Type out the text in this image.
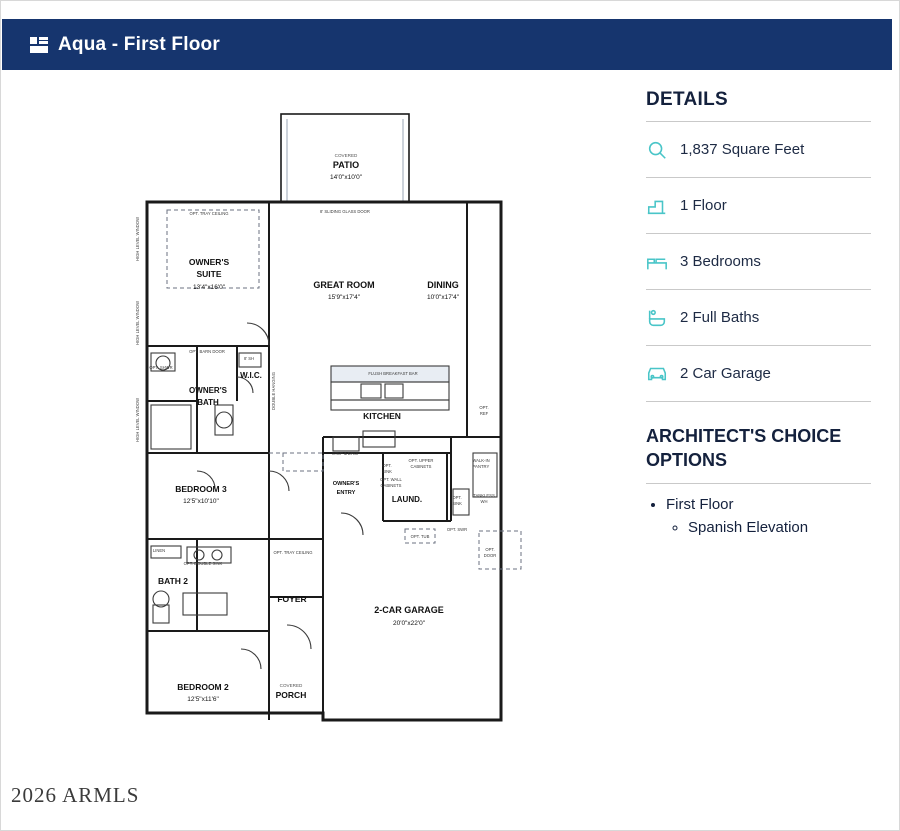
Aqua - First Floor
COVERED
PATIO
14'0"x10'0"
OWNER'S
SUITE
13'4"x16'0"	GREAT ROOM
15'9"x17'4"
DINING
10'0"x17'4"
W.I.C.
OWNER'S
BATH
KITCHEN
BEDROOM 3
12'5"x10'10"
OWNER'S
ENTRY
LAUND.
BATH 2
FOYER
2-CAR GARAGE
20'0"x22'0"
BEDROOM 2
12'5"x11'6"
COVERED
PORCH
OPT. TRAY CEILING	8' SLIDING GLASS DOOR
OPT. BARN DOOR
OPT. SHWR
8' SH
FLUSH BREAKFAST BAR
OPT.
REF
STEP & DROP
OPT.
SINK
OPT. UPPER
CABINETS
OPT. WALL
CABINETS
WALK-IN
PANTRY
TANKLESS
WH
OPT.
SINK
OPT. TUB
OPT. SWR
OPT.
DOOR
OPT. TRAY CEILING
LINEN
OPT. DOUBLE SINK
DOUBLE HANGING
HIGH LEVEL WINDOW
HIGH LEVEL WINDOW
HIGH LEVEL WINDOW
DETAILS
1,837 Square Feet
1 Floor
3 Bedrooms
2 Full Baths
2 Car Garage
ARCHITECT'S CHOICE
OPTIONS
• First Floor
◦ Spanish Elevation
2026 ARMLS
